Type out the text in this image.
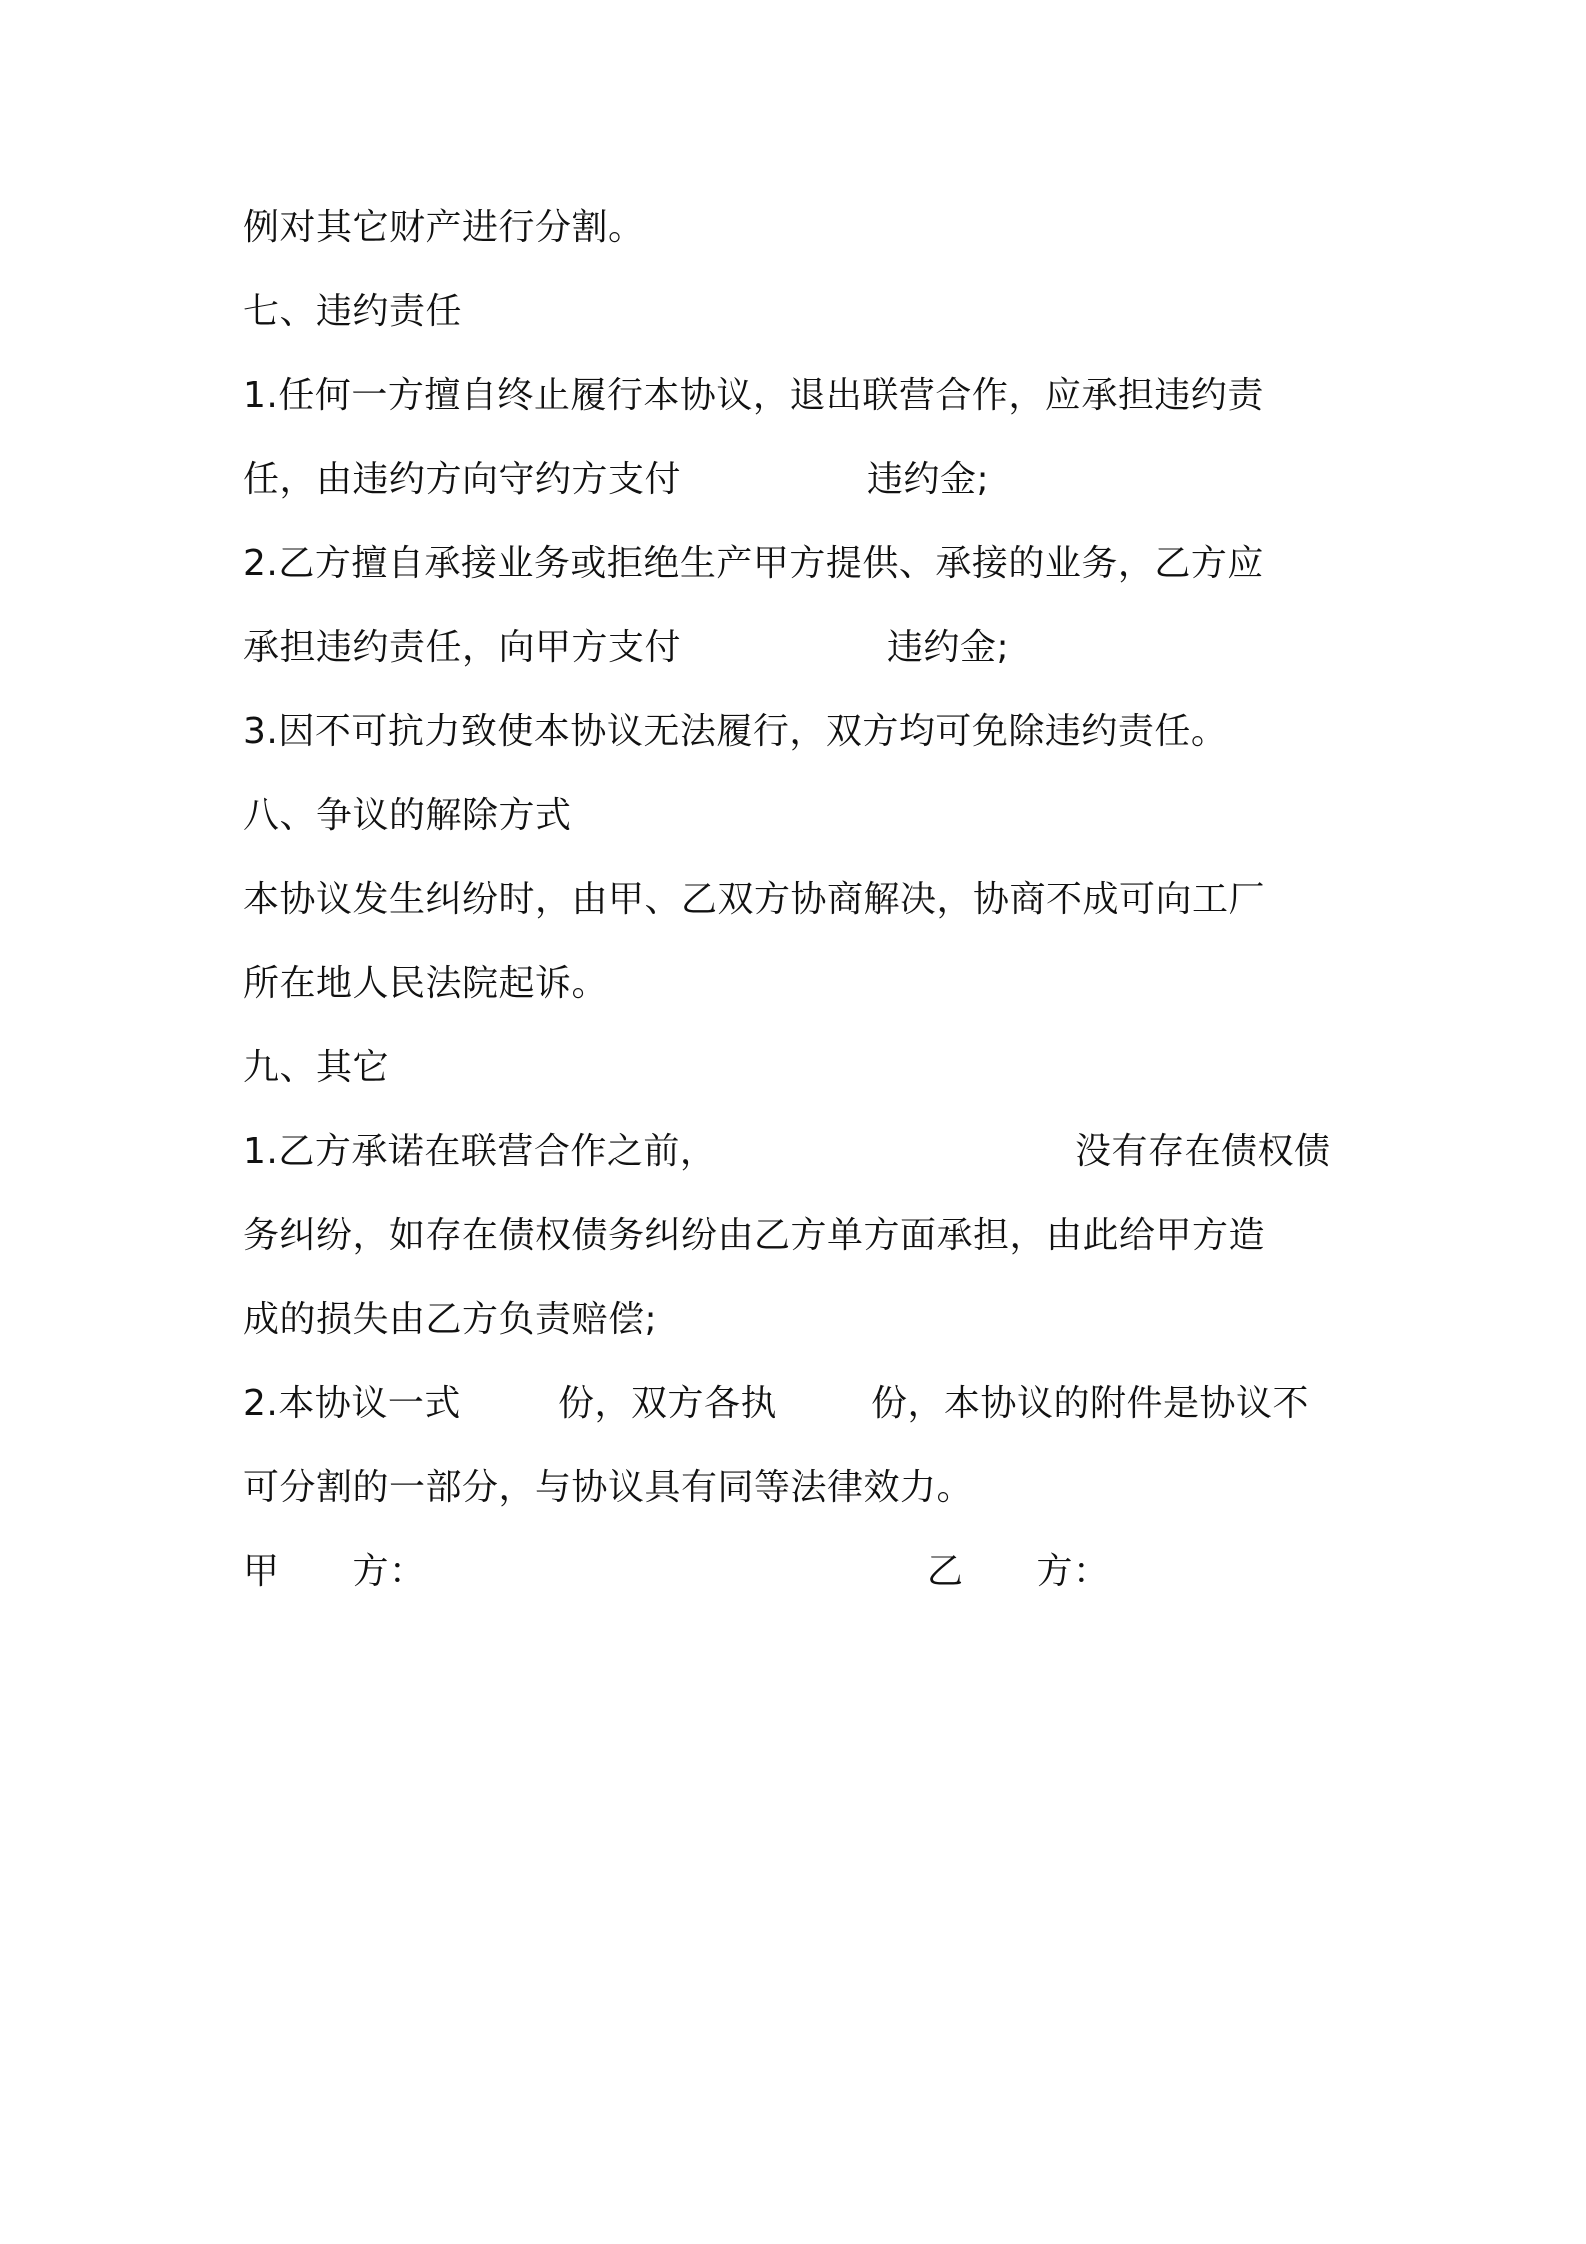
例对其它财产进行分割。
七、违约责任
1.任何一方擅自终止履行本协议，退出联营合作，应承担违约责

任，由违约方向守约方支付

	违约金;

2.乙方擅自承接业务或拒绝生产甲方提供、承接的业务，乙方应

承担违约责任，向甲方支付

	违约金;

3.因不可抗力致使本协议无法履行，双方均可免除违约责任。
八、争议的解除方式
本协议发生纠纷时，由甲、乙双方协商解决，协商不成可向工厂
所在地人民法院起诉。
九、其它

1.乙方承诺在联营合作之前，

	没有存在债权债

务纠纷，如存在债权债务纠纷由乙方单方面承担，由此给甲方造
成的损失由乙方负责赔偿;

2.本协议一式

	份，双方各执

	份，本协议的附件是协议不

可分割的一部分，与协议具有同等法律效力。

甲　　方：

	乙　　方：
